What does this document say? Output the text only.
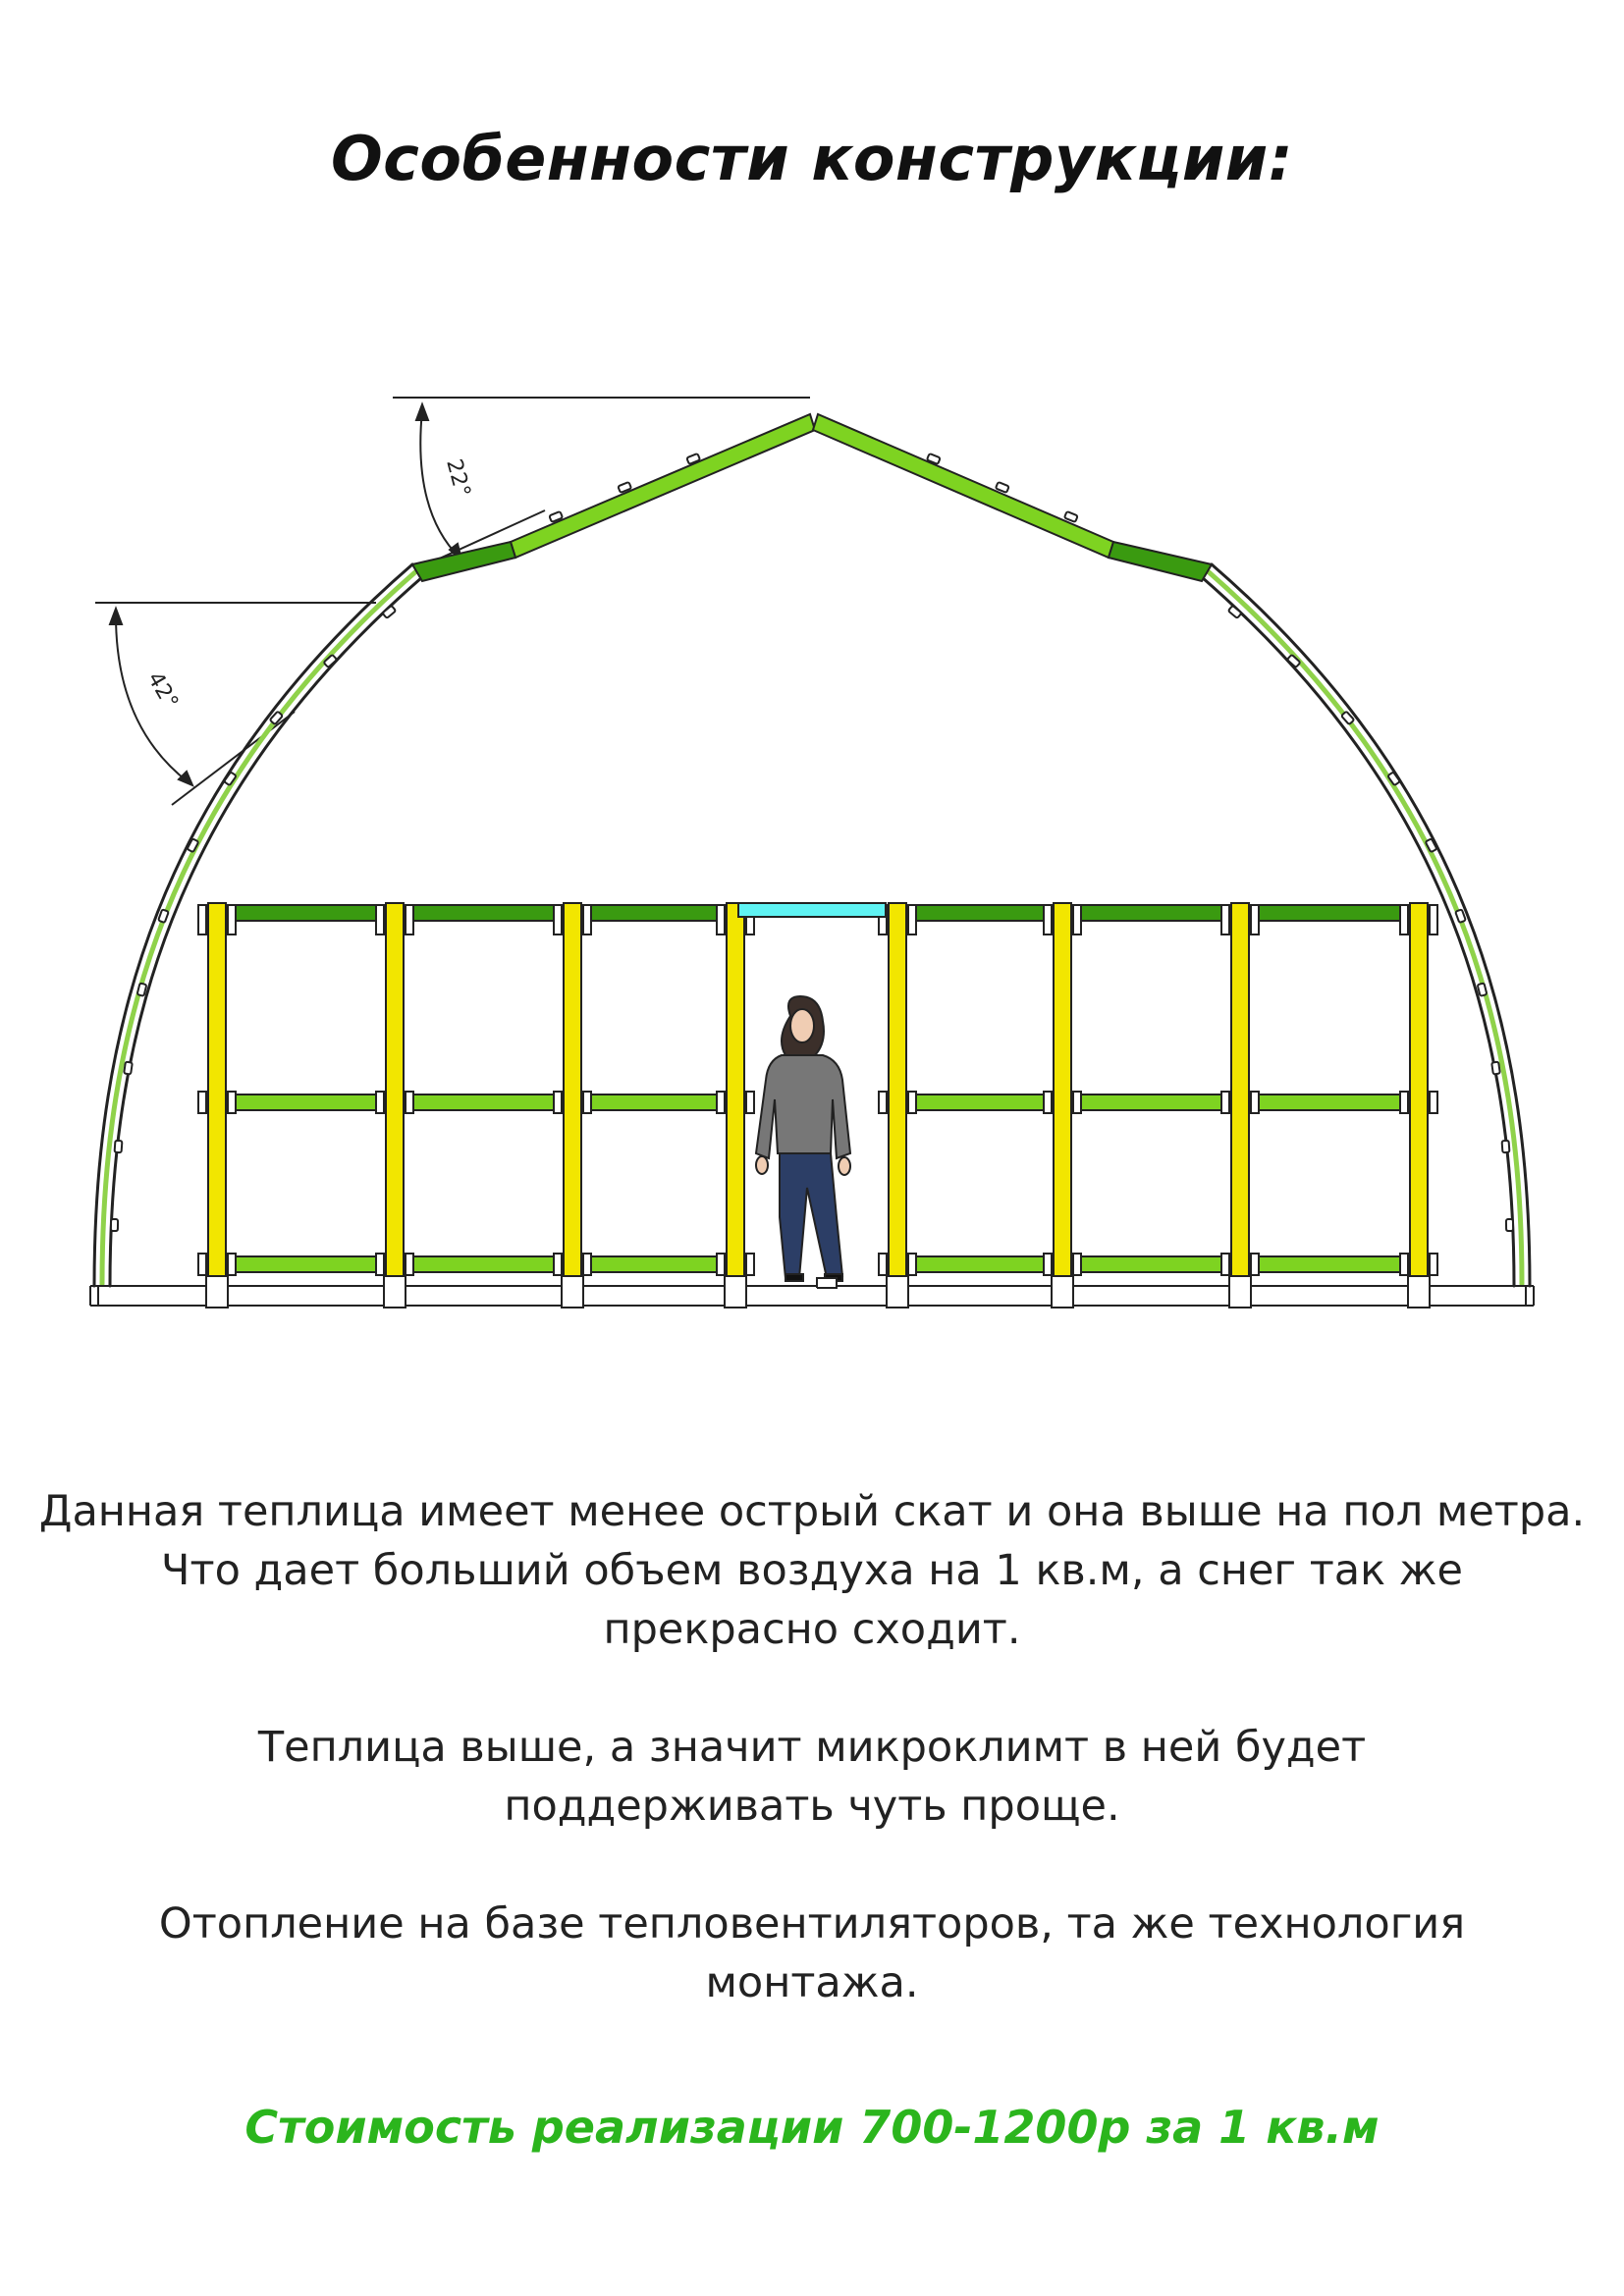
Особенности конструкции:
22°
42°

Данная теплица имеет менее острый скат и она выше на пол метра.

Что дает больший объем воздуха на 1 кв.м, а снег так же прекрасно сходит.

Теплица выше, а значит микроклимт в ней будет поддерживать чуть проще.

Отопление на базе тепловентиляторов, та же технология монтажа.

Стоимость реализации 700-1200р за 1 кв.м
